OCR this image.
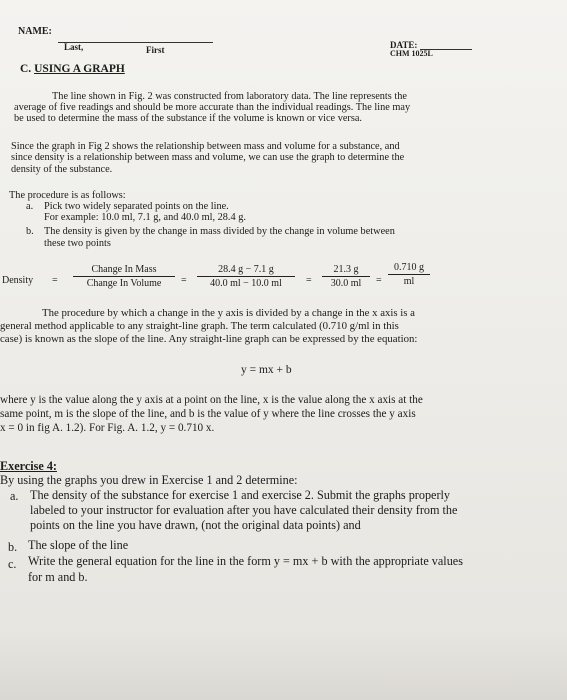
NAME:
Last,	First	DATE:
CHM 1025L
C. USING A GRAPH
The line shown in Fig. 2 was constructed from laboratory data. The line represents the
average of five readings and should be more accurate than the individual readings. The line may
be used to determine the mass of the substance if the volume is known or vice versa.
Since the graph in Fig 2 shows the relationship between mass and volume for a substance, and
since density is a relationship between mass and volume, we can use the graph to determine the
density of the substance.
The procedure is as follows:
a. Pick two widely separated points on the line.
For example: 10.0 ml, 7.1 g, and 40.0 ml, 28.4 g.
b. The density is given by the change in mass divided by the change in volume between
these two points
Density =
Change In Mass
Change In Volume	= $\frac{28.4 g - 7.1 g}{40.0 ml - 10.0 ml} = \frac{21.3 g}{30.0 ml} = \frac{0.710 g}{ml}$
The procedure by which a change in the y axis is divided by a change in the x axis is a
general method applicable to any straight-line graph. The term calculated (0.710 g/ml in this
case) is known as the slope of the line. Any straight-line graph can be expressed by the equation:
y = mx + b
where y is the value along the y axis at a point on the line, x is the value along the x axis at the
same point, m is the slope of the line, and b is the value of y where the line crosses the y axis
x = 0 in fig A. 1.2). For Fig. A. 1.2, y = 0.710 x.
Exercise 4:
By using the graphs you drew in Exercise 1 and 2 determine:
a. The density of the substance for exercise 1 and exercise 2. Submit the graphs properly
labeled to your instructor for evaluation after you have calculated their density from the
points on the line you have drawn, (not the original data points) and
b. The slope of the line
c. Write the general equation for the line in the form y = mx + b with the appropriate values
for m and b.
